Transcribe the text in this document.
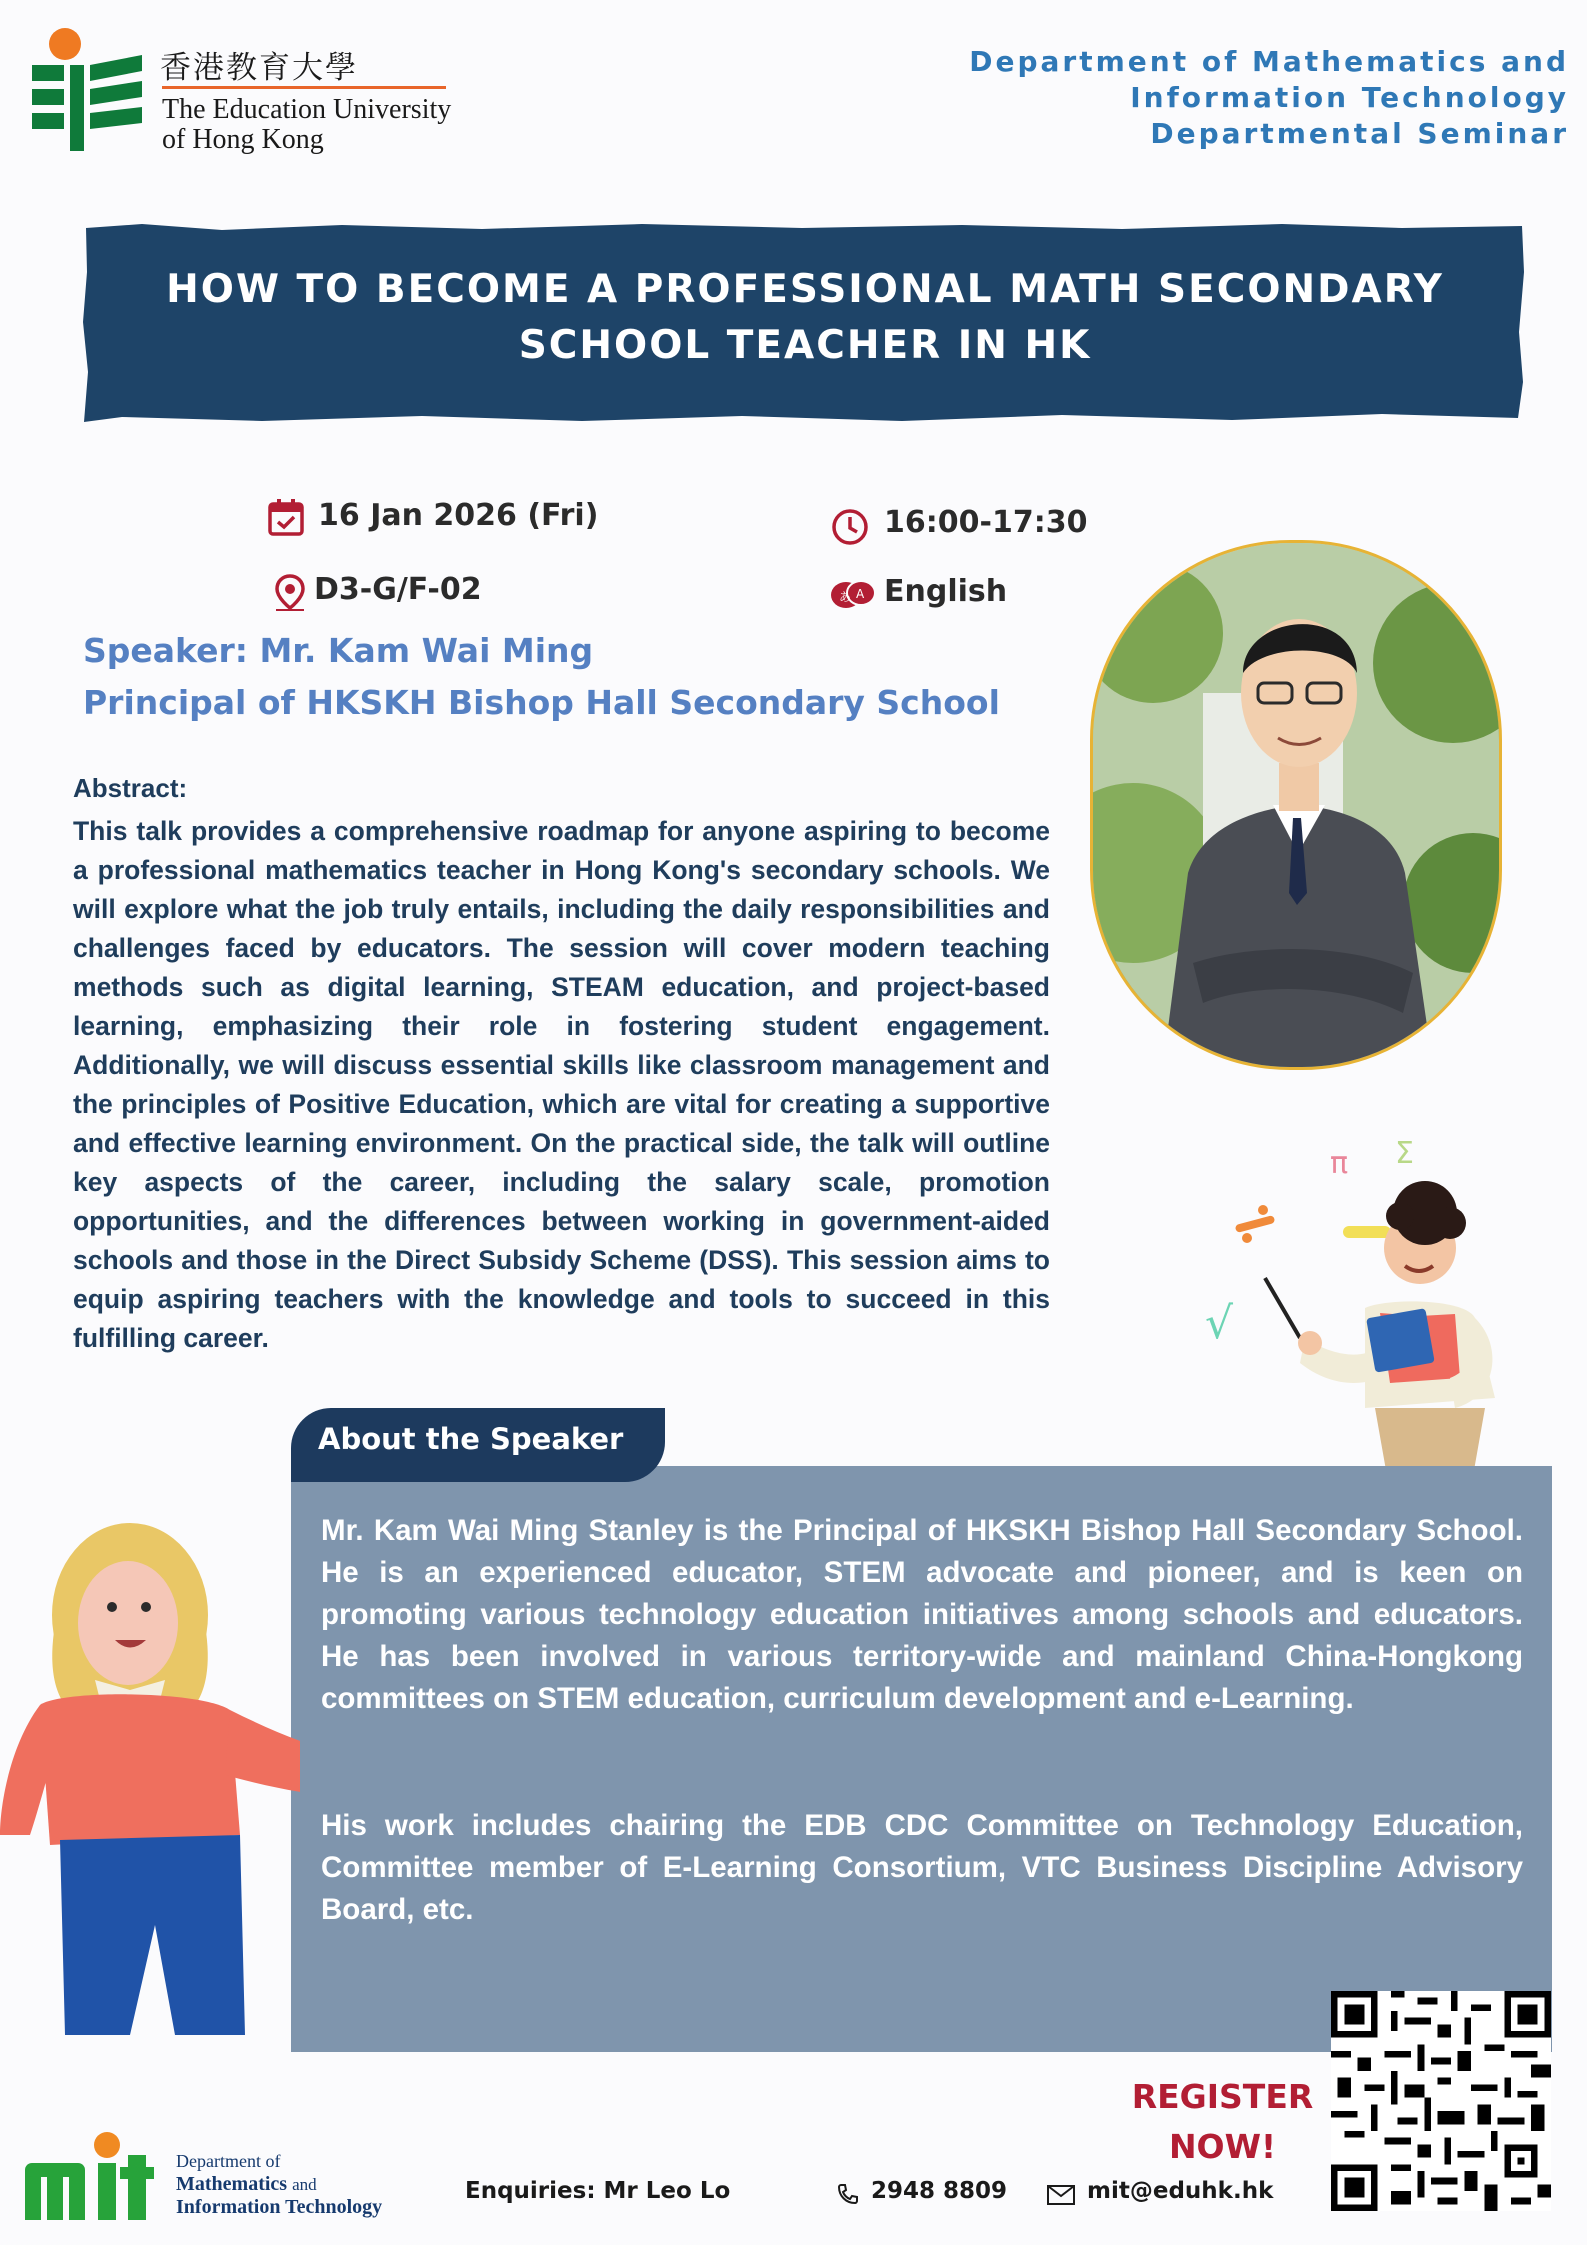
香港教育大學
The Education University
of Hong Kong
Department of Mathematics and
Information Technology
Departmental Seminar
HOW TO BECOME A PROFESSIONAL MATH SECONDARY
SCHOOL TEACHER IN HK
16 Jan 2026 (Fri)	16:00-17:30
D3-G/F-02	あ A English
Speaker: Mr. Kam Wai Ming
Principal of HKSKH Bishop Hall Secondary School
Abstract:
This talk provides a comprehensive roadmap for anyone aspiring to become a professional mathematics teacher in Hong Kong's secondary schools. We will explore what the job truly entails, including the daily responsibilities and challenges faced by educators. The session will cover modern teaching methods such as digital learning, STEAM education, and project-based learning, emphasizing their role in fostering student engagement. Additionally, we will discuss essential skills like classroom management and the principles of Positive Education, which are vital for creating a supportive and effective learning environment. On the practical side, the talk will outline key aspects of the career, including the salary scale, promotion opportunities, and the differences between working in government-aided schools and those in the Direct Subsidy Scheme (DSS). This session aims to equip aspiring teachers with the knowledge and tools to succeed in this fulfilling career.
π Σ
√
About the Speaker
Mr. Kam Wai Ming Stanley is the Principal of HKSKH Bishop Hall Secondary School. He is an experienced educator, STEM advocate and pioneer, and is keen on promoting various technology education initiatives among schools and educators. He has been involved in various territory-wide and mainland China-Hongkong committees on STEM education, curriculum development and e-Learning.
His work includes chairing the EDB CDC Committee on Technology Education, Committee member of E-Learning Consortium, VTC Business Discipline Advisory Board, etc.
Department of
Mathematics and
Information Technology
Enquiries: Mr Leo Lo	2948 8809	mit@eduhk.hk
REGISTER
NOW!
